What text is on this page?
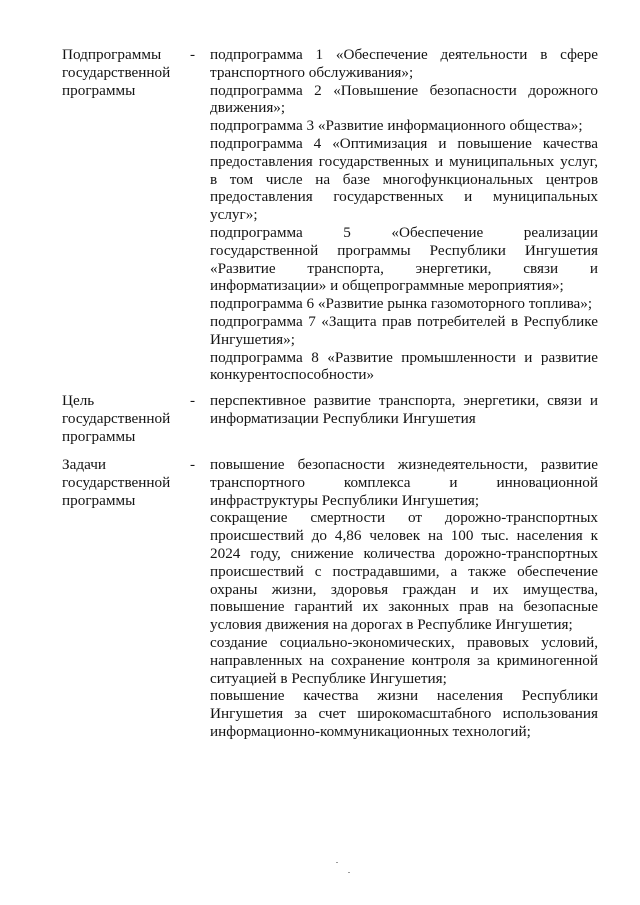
Подпрограммы
государственной
программы
- подпрограмма 1 «Обеспечение деятельности в сфере транспортного обслуживания»;

подпрограмма 2 «Повышение безопасности дорожного движения»;

подпрограмма 3 «Развитие информационного общества»;

подпрограмма 4 «Оптимизация и повышение качества предоставления государственных и муниципальных услуг, в том числе на базе многофункциональных центров предоставления государственных и муниципальных услуг»;

подпрограмма 5 «Обеспечение реализации государственной программы Республики Ингушетия «Развитие транспорта, энергетики, связи и информатизации» и общепрограммные мероприятия»;

подпрограмма 6 «Развитие рынка газомоторного топлива»;

подпрограмма 7 «Защита прав потребителей в Республике Ингушетия»;

подпрограмма 8 «Развитие промышленности и развитие конкурентоспособности»

Цель
государственной
программы
- перспективное развитие транспорта, энергетики, связи и информатизации Республики Ингушетия

Задачи
государственной
программы
- повышение безопасности жизнедеятельности, развитие транспортного комплекса и инновационной инфраструктуры Республики Ингушетия;

сокращение смертности от дорожно-транспортных происшествий до 4,86 человек на 100 тыс. населения к 2024 году, снижение количества дорожно-транспортных происшествий с пострадавшими, а также обеспечение охраны жизни, здоровья граждан и их имущества, повышение гарантий их законных прав на безопасные условия движения на дорогах в Республике Ингушетия;

создание социально-экономических, правовых условий, направленных на сохранение контроля за криминогенной ситуацией в Республике Ингушетия;

повышение качества жизни населения Республики Ингушетия за счет широкомасштабного использования информационно-коммуникационных технологий;
